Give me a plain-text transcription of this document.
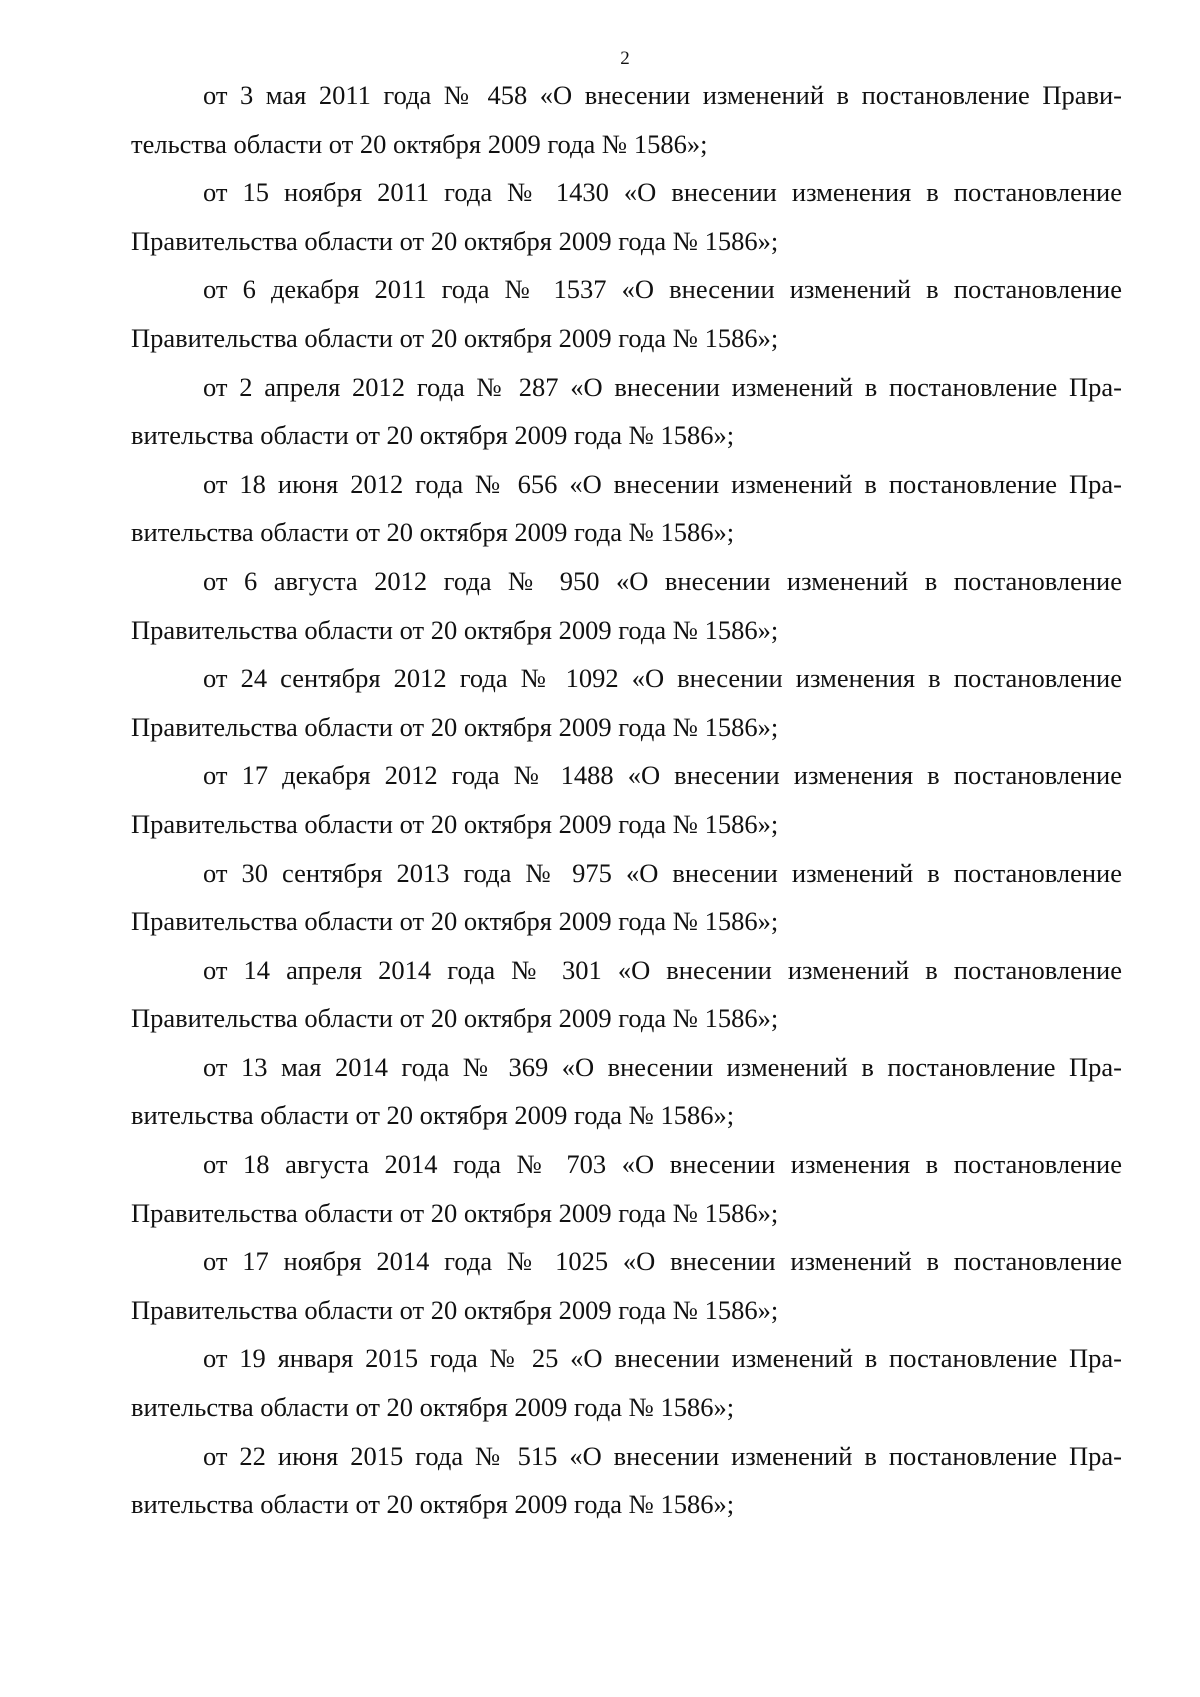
2

от 3 мая 2011 года № 458 «О внесении изменений в постановление Прави-
тельства области от 20 октября 2009 года № 1586»;

от 15 ноября 2011 года № 1430 «О внесении изменения в постановление
Правительства области от 20 октября 2009 года № 1586»;

от 6 декабря 2011 года № 1537 «О внесении изменений в постановление
Правительства области от 20 октября 2009 года № 1586»;

от 2 апреля 2012 года № 287 «О внесении изменений в постановление Пра-
вительства области от 20 октября 2009 года № 1586»;

от 18 июня 2012 года № 656 «О внесении изменений в постановление Пра-
вительства области от 20 октября 2009 года № 1586»;

от 6 августа 2012 года № 950 «О внесении изменений в постановление
Правительства области от 20 октября 2009 года № 1586»;

от 24 сентября 2012 года № 1092 «О внесении изменения в постановление
Правительства области от 20 октября 2009 года № 1586»;

от 17 декабря 2012 года № 1488 «О внесении изменения в постановление
Правительства области от 20 октября 2009 года № 1586»;

от 30 сентября 2013 года № 975 «О внесении изменений в постановление
Правительства области от 20 октября 2009 года № 1586»;

от 14 апреля 2014 года № 301 «О внесении изменений в постановление
Правительства области от 20 октября 2009 года № 1586»;

от 13 мая 2014 года № 369 «О внесении изменений в постановление Пра-
вительства области от 20 октября 2009 года № 1586»;

от 18 августа 2014 года № 703 «О внесении изменения в постановление
Правительства области от 20 октября 2009 года № 1586»;

от 17 ноября 2014 года № 1025 «О внесении изменений в постановление
Правительства области от 20 октября 2009 года № 1586»;

от 19 января 2015 года № 25 «О внесении изменений в постановление Пра-
вительства области от 20 октября 2009 года № 1586»;

от 22 июня 2015 года № 515 «О внесении изменений в постановление Пра-
вительства области от 20 октября 2009 года № 1586»;
